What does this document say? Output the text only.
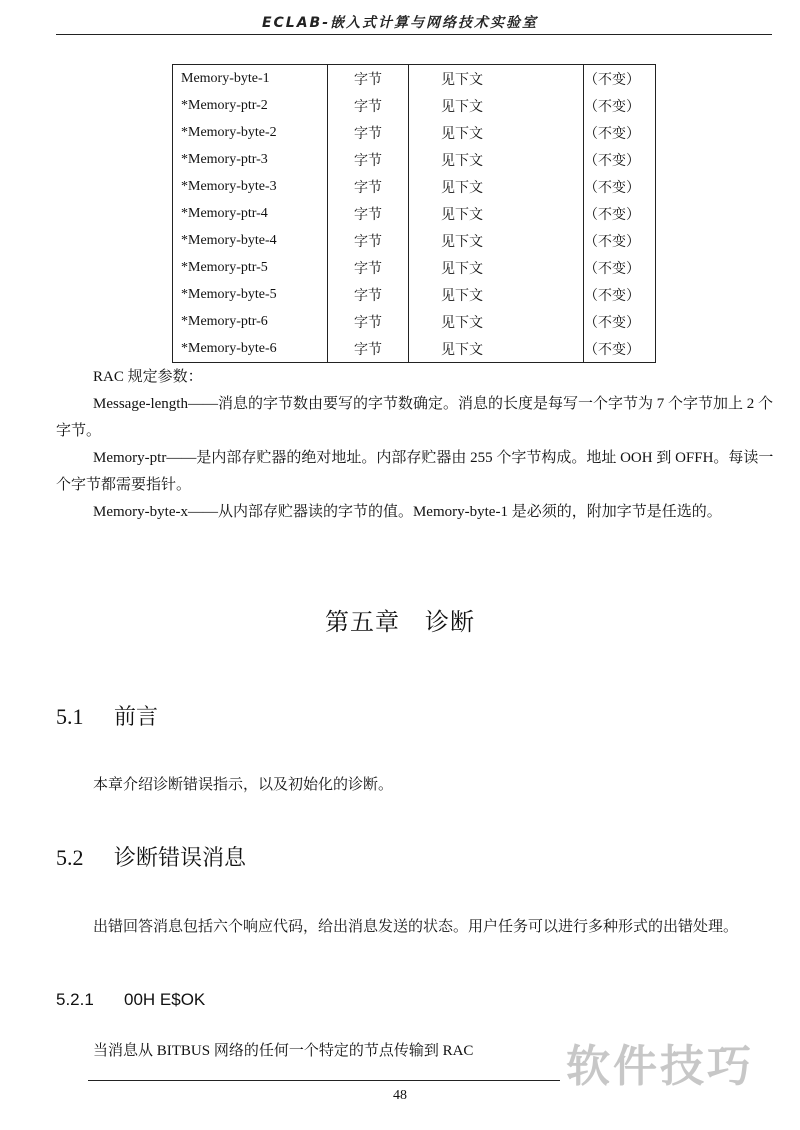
ECLAB-嵌入式计算与网络技术实验室
Memory-byte-1	字节	见下文	（不变）
*Memory-ptr-2	字节	见下文	（不变）
*Memory-byte-2	字节	见下文	（不变）
*Memory-ptr-3	字节	见下文	（不变）
*Memory-byte-3	字节	见下文	（不变）
*Memory-ptr-4	字节	见下文	（不变）
*Memory-byte-4	字节	见下文	（不变）
*Memory-ptr-5	字节	见下文	（不变）
*Memory-byte-5	字节	见下文	（不变）
*Memory-ptr-6	字节	见下文	（不变）
*Memory-byte-6	字节	见下文	（不变）

RAC 规定参数：

Message-length——消息的字节数由要写的字节数确定。消息的长度是每写一个字节为 7 个字节加上 2 个字节。

Memory-ptr——是内部存贮器的绝对地址。内部存贮器由 255 个字节构成。地址 OOH 到 OFFH。每读一个字节都需要指针。

Memory-byte-x——从内部存贮器读的字节的值。Memory-byte-1 是必须的，附加字节是任选的。

第五章　诊断
5.1 前言

本章介绍诊断错误指示，以及初始化的诊断。

5.2 诊断错误消息

出错回答消息包括六个响应代码，给出消息发送的状态。用户任务可以进行多种形式的出错处理。

5.2.1 00H E$OK

当消息从 BITBUS 网络的任何一个特定的节点传输到 RAC

48
软件技巧
